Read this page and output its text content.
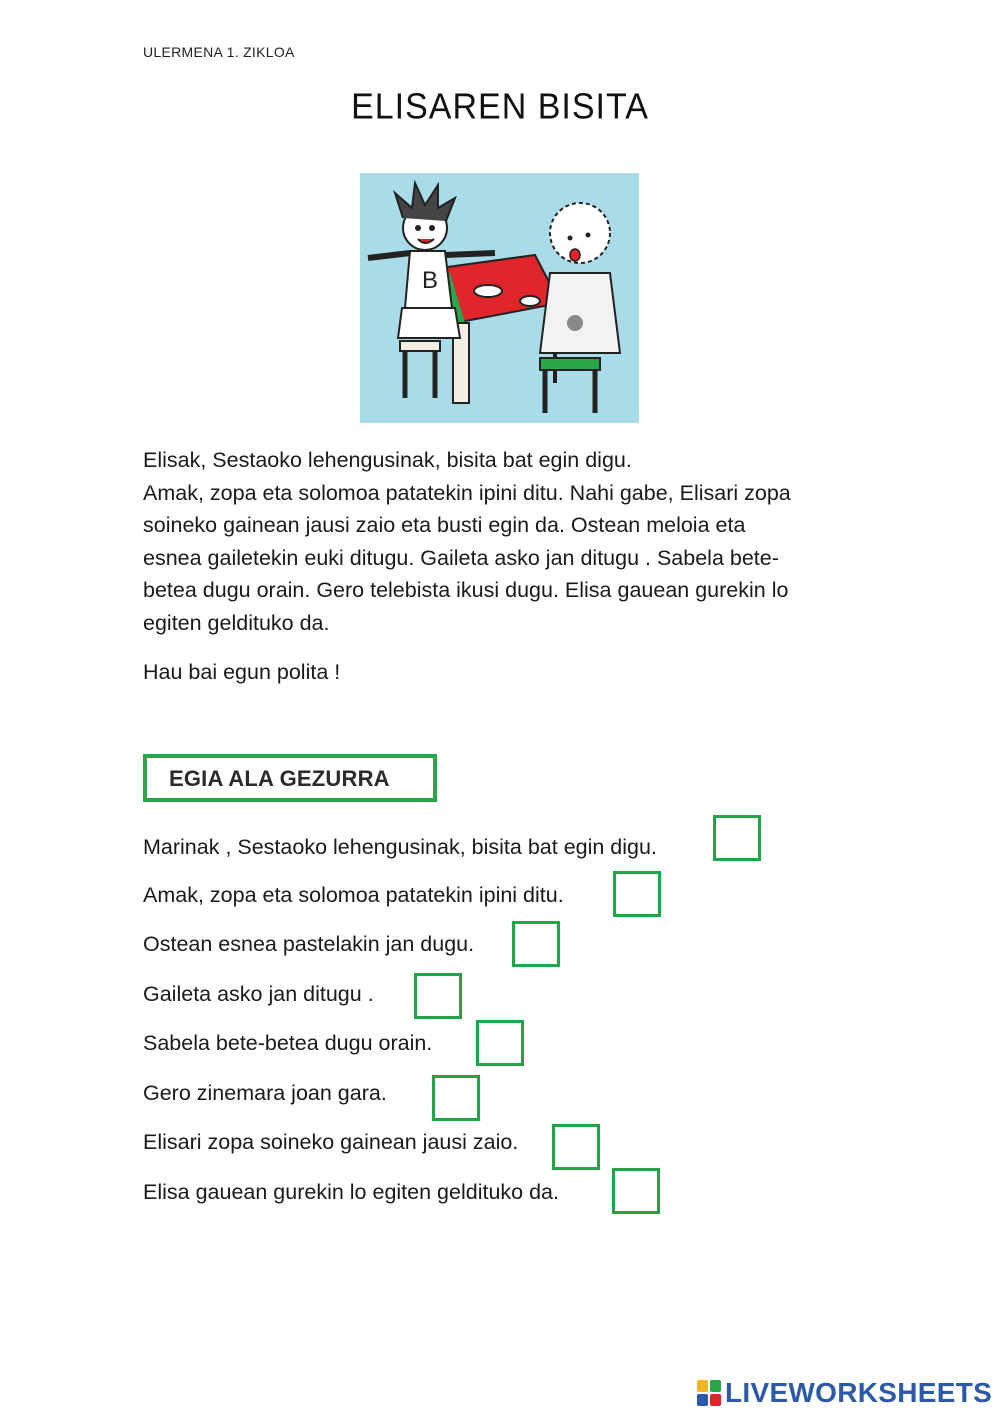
ULERMENA 1. ZIKLOA
ELISAREN BISITA
B

Elisak, Sestaoko lehengusinak, bisita bat egin digu.

Amak, zopa eta solomoa patatekin ipini ditu. Nahi gabe, Elisari zopa

soineko gainean jausi zaio eta busti egin da. Ostean meloia eta

esnea gailetekin euki ditugu. Gaileta asko jan ditugu . Sabela bete-

betea dugu orain. Gero telebista ikusi dugu. Elisa gauean gurekin lo

egiten geldituko da.

Hau bai egun polita !

EGIA ALA GEZURRA
Marinak , Sestaoko lehengusinak, bisita bat egin digu.
Amak, zopa eta solomoa patatekin ipini ditu.
Ostean esnea pastelakin jan dugu.
Gaileta asko jan ditugu .
Sabela bete-betea dugu orain.
Gero zinemara joan gara.
Elisari zopa soineko gainean jausi zaio.
Elisa gauean gurekin lo egiten geldituko da.
LIVEWORKSHEETS
